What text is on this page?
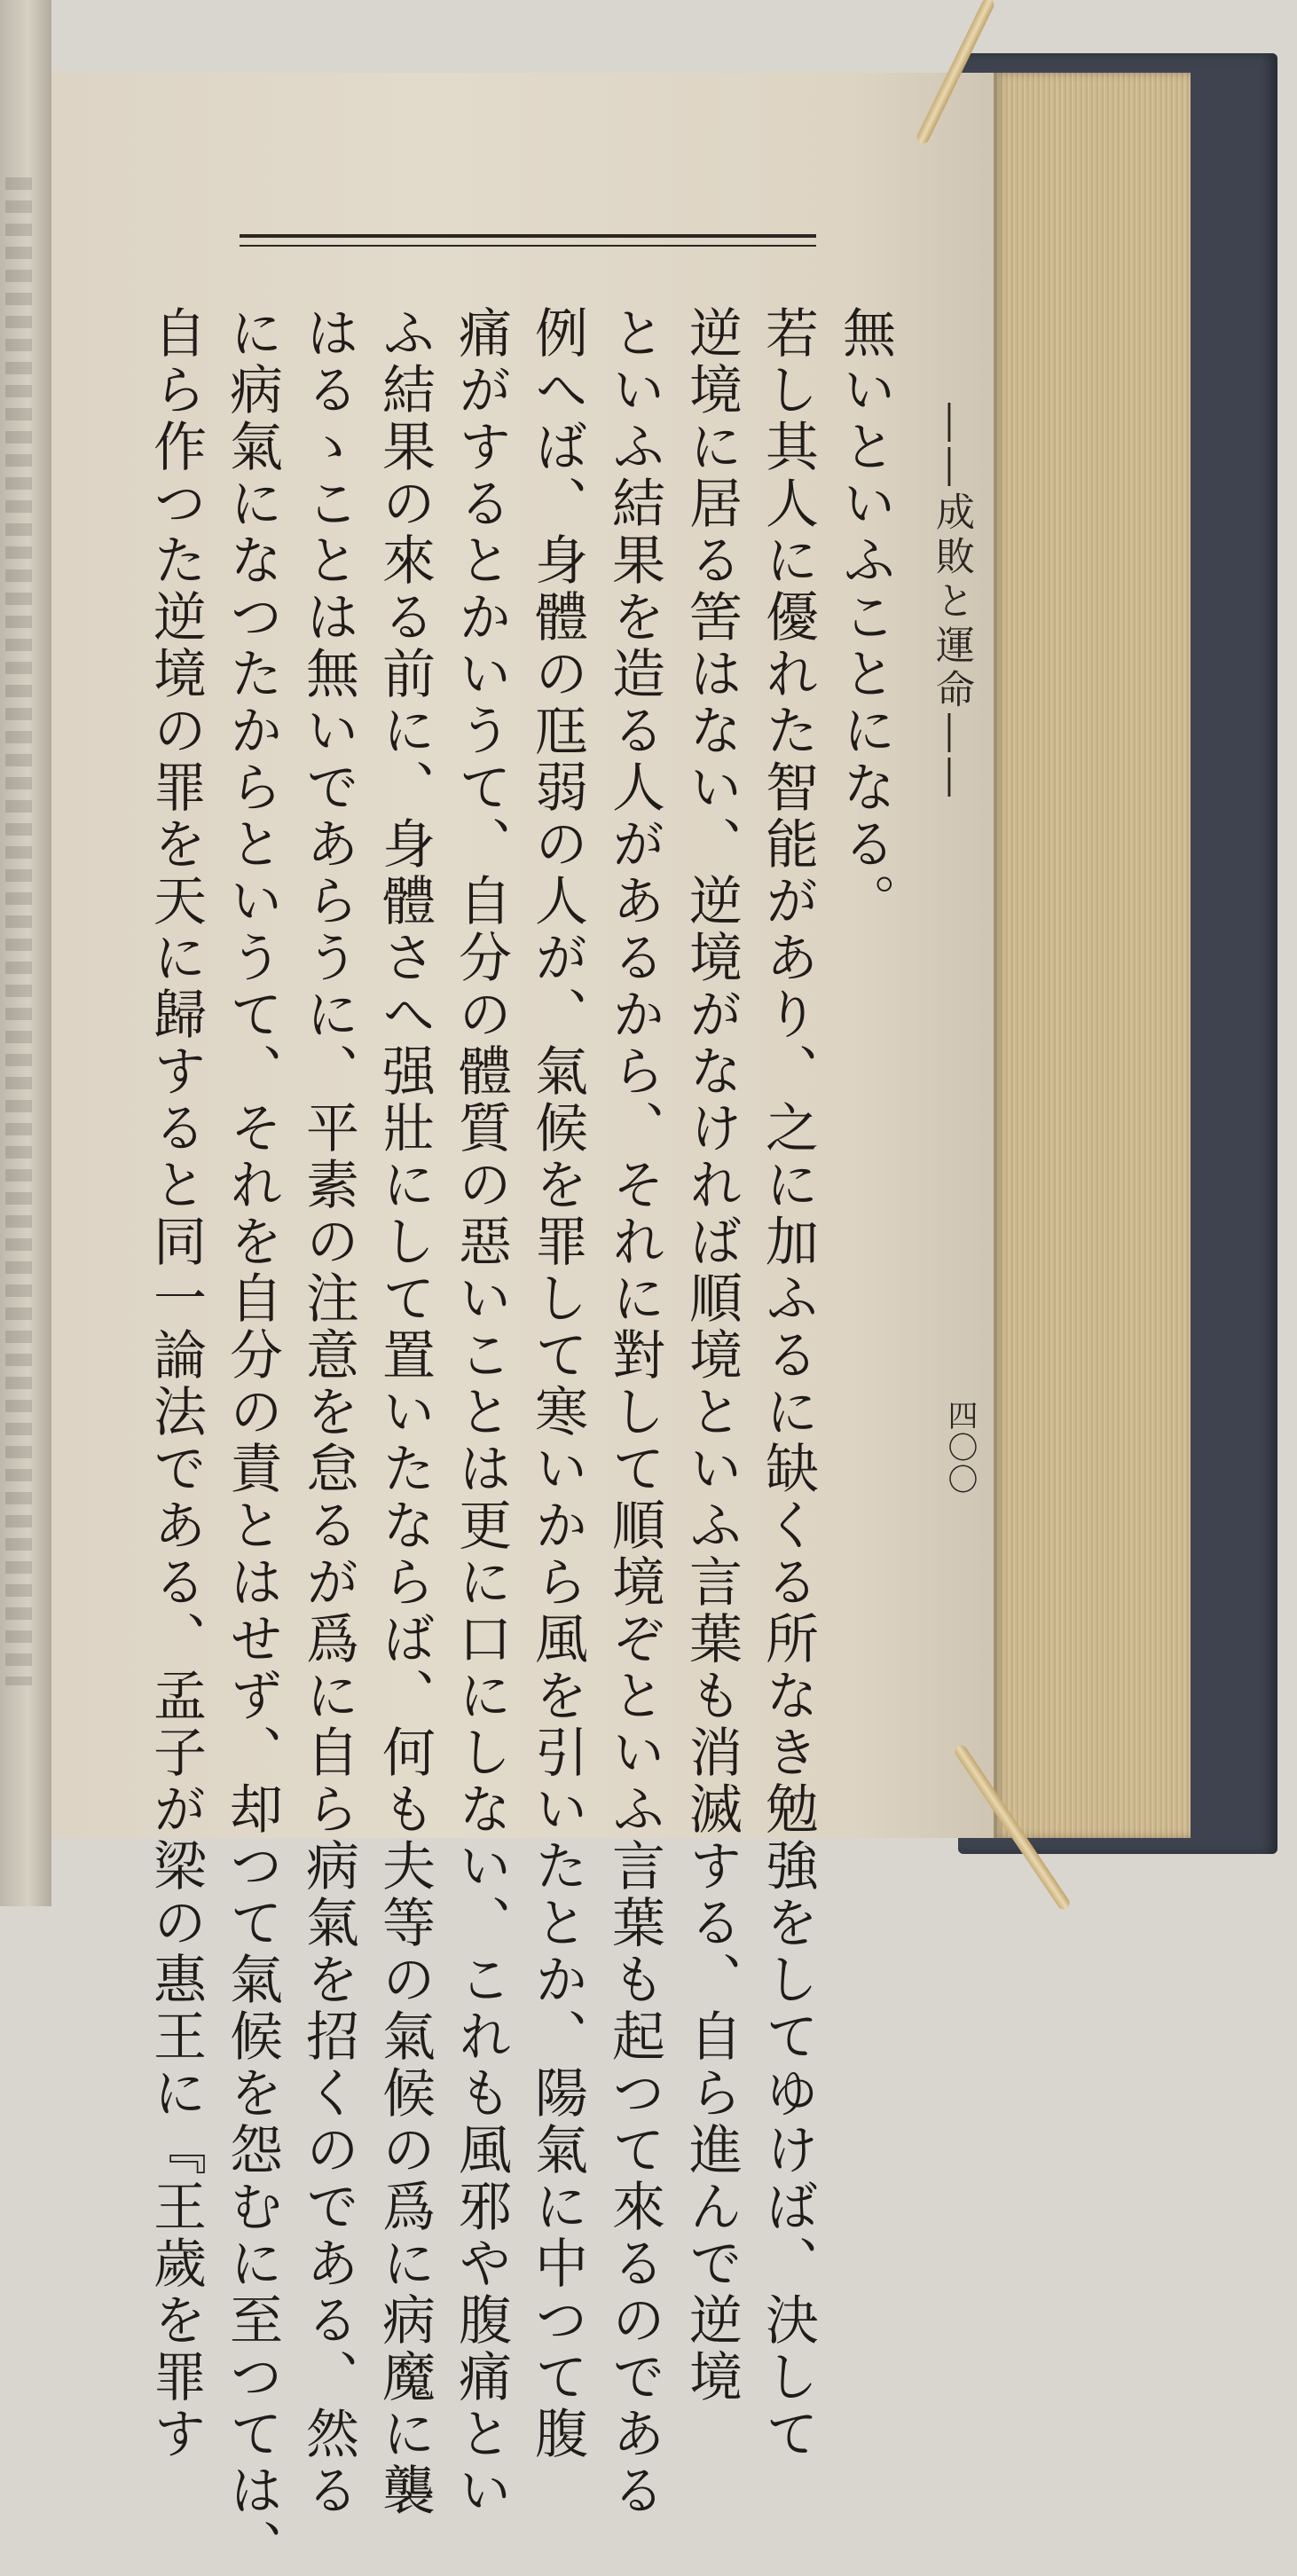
――成敗と運命――
四〇〇
無いといふことになる。
若し其人に優れた智能があり、之に加ふるに缺くる所なき勉強をしてゆけば、決して
逆境に居る筈はない、逆境がなければ順境といふ言葉も消滅する、自ら進んで逆境
といふ結果を造る人があるから、それに對して順境ぞといふ言葉も起つて來るのである
例へば、身體の尫弱の人が、氣候を罪して寒いから風を引いたとか、陽氣に中つて腹
痛がするとかいうて、自分の體質の惡いことは更に口にしない、これも風邪や腹痛とい
ふ結果の來る前に、身體さへ强壯にして置いたならば、何も夫等の氣候の爲に病魔に襲
はるゝことは無いであらうに、平素の注意を怠るが爲に自ら病氣を招くのである、然る
に病氣になつたからというて、それを自分の責とはせず、却つて氣候を怨むに至つては、
自ら作つた逆境の罪を天に歸すると同一論法である、孟子が梁の惠王に『王歲を罪す
